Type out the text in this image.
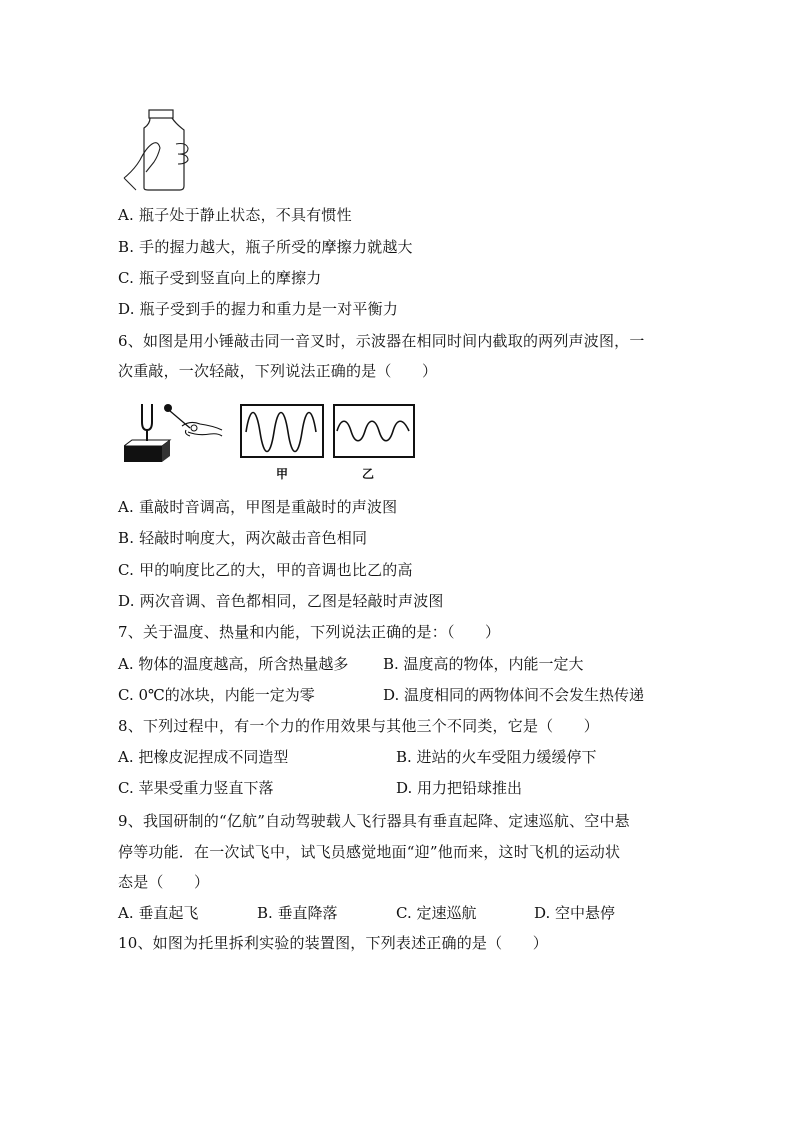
A. 瓶子处于静止状态，不具有惯性
B. 手的握力越大，瓶子所受的摩擦力就越大
C. 瓶子受到竖直向上的摩擦力
D. 瓶子受到手的握力和重力是一对平衡力
6、如图是用小锤敲击同一音叉时，示波器在相同时间内截取的两列声波图，一
次重敲，一次轻敲，下列说法正确的是（　　）
甲	乙
A. 重敲时音调高，甲图是重敲时的声波图
B. 轻敲时响度大，两次敲击音色相同
C. 甲的响度比乙的大，甲的音调也比乙的高
D. 两次音调、音色都相同，乙图是轻敲时声波图
7、关于温度、热量和内能，下列说法正确的是：（　　）
A. 物体的温度越高，所含热量越多 B. 温度高的物体，内能一定大
C. 0℃的冰块，内能一定为零	D. 温度相同的两物体间不会发生热传递
8、下列过程中，有一个力的作用效果与其他三个不同类，它是（　　）
A. 把橡皮泥捏成不同造型	B. 进站的火车受阻力缓缓停下
C. 苹果受重力竖直下落	D. 用力把铅球推出
9、我国研制的“亿航”自动驾驶载人飞行器具有垂直起降、定速巡航、空中悬
停等功能．在一次试飞中，试飞员感觉地面“迎”他而来，这时飞机的运动状
态是（　　）
A. 垂直起飞	B. 垂直降落	C. 定速巡航	D. 空中悬停
10、如图为托里拆利实验的装置图，下列表述正确的是（　　）
